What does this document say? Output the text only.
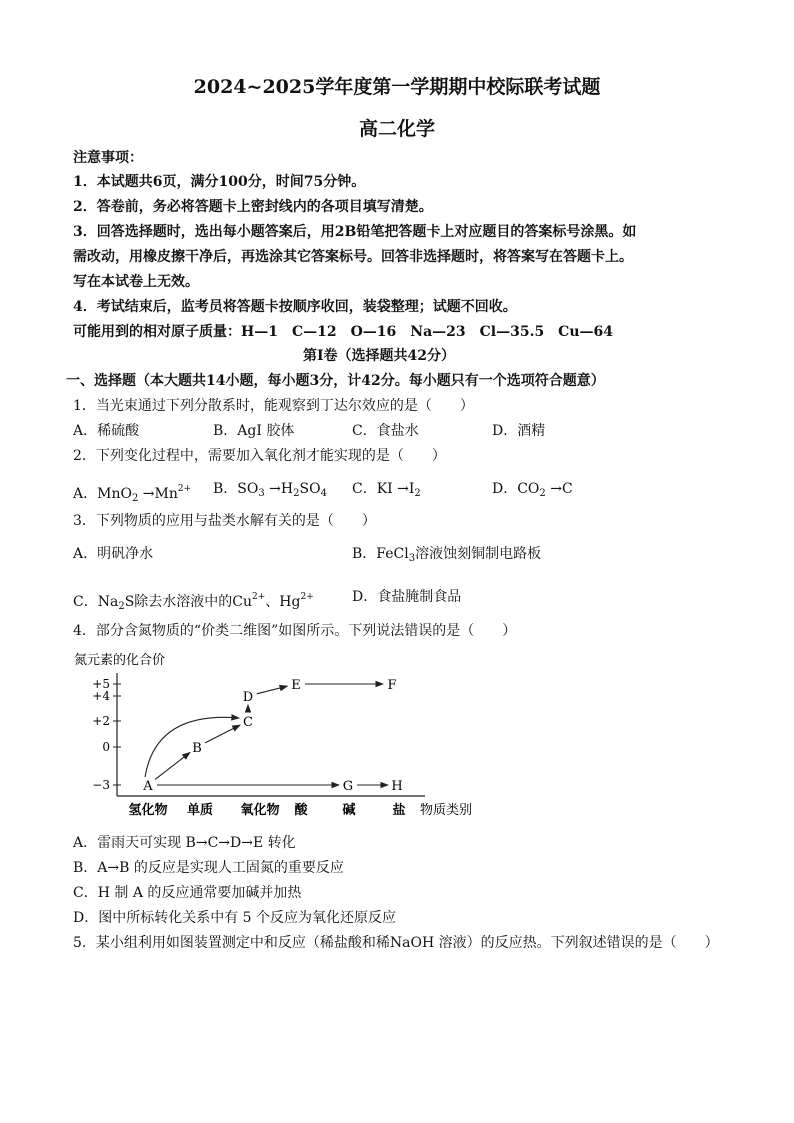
2024~2025学年度第一学期期中校际联考试题
高二化学
注意事项：
1．本试题共6页，满分100分，时间75分钟。
2．答卷前，务必将答题卡上密封线内的各项目填写清楚。
3．回答选择题时，选出每小题答案后，用2B铅笔把答题卡上对应题目的答案标号涂黑。如
需改动，用橡皮擦干净后，再选涂其它答案标号。回答非选择题时，将答案写在答题卡上。
写在本试卷上无效。
4．考试结束后，监考员将答题卡按顺序收回，装袋整理；试题不回收。
可能用到的相对原子质量：H—1　C—12　O—16　Na—23　Cl—35.5　Cu—64
第Ⅰ卷（选择题共42分）
一、选择题（本大题共14小题，每小题3分，计42分。每小题只有一个选项符合题意）
1．当光束通过下列分散系时，能观察到丁达尔效应的是（　　）
A．稀硫酸	B．AgI 胶体	C．食盐水	D．酒精
2．下列变化过程中，需要加入氧化剂才能实现的是（　　）
A．$MnO_2 \to Mn^{2+}$ B．$SO_3 \to H_2SO_4$ C．KI $\to I_2$	D．$CO_2 \to C$
3．下列物质的应用与盐类水解有关的是（　　）
A．明矾净水	B．FeCl$_3$溶液蚀刻铜制电路板
C．$Na_2S$除去水溶液中的$Cu^{2+}$、$Hg^{2+}$	D．食盐腌制食品
4．部分含氮物质的“价类二维图”如图所示。下列说法错误的是（　　）
氮元素的化合价
+5
+4
+2
0
−3
氢化物 单质 氧化物 酸	碱	盐 物质类别
A
B
C
D
E	F
G	H
A．雷雨天可实现 B→C→D→E 转化
B．A→B 的反应是实现人工固氮的重要反应
C．H 制 A 的反应通常要加碱并加热
D．图中所标转化关系中有 5 个反应为氧化还原反应
5．某小组利用如图装置测定中和反应（稀盐酸和稀NaOH 溶液）的反应热。下列叙述错误的是（　　）
